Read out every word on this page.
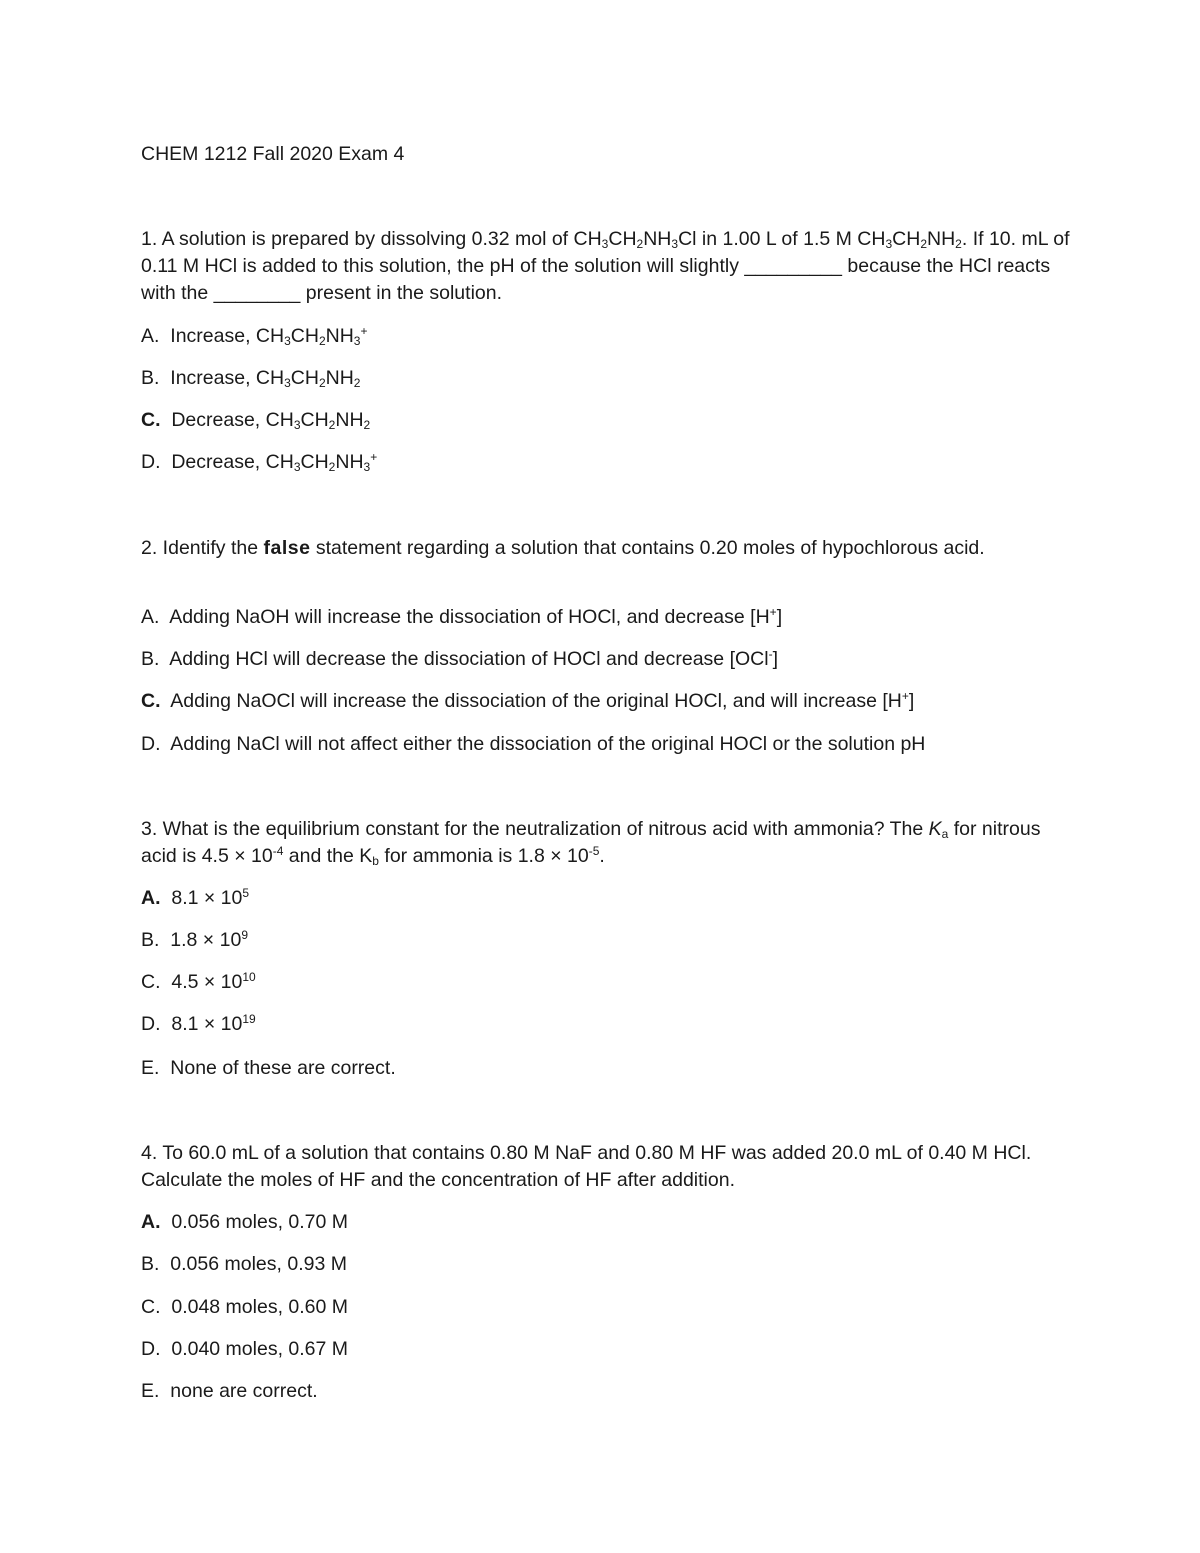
CHEM 1212 Fall 2020 Exam 4

1. A solution is prepared by dissolving 0.32 mol of $CH_3CH_2NH_3Cl$ in 1.00 L of 1.5 M $CH_3CH_2NH_2$. If 10. mL of 0.11 M HCl is added to this solution, the pH of the solution will slightly _________ because the HCl reacts with the ________ present in the solution.

A. Increase, $CH_3CH_2NH_3^+$

B. Increase, $CH_3CH_2NH_2$

C. Decrease, $CH_3CH_2NH_2$

D. Decrease, $CH_3CH_2NH_3^+$

2. Identify the false statement regarding a solution that contains 0.20 moles of hypochlorous acid.

A. Adding NaOH will increase the dissociation of HOCl, and decrease [H+]

B. Adding HCl will decrease the dissociation of HOCl and decrease [OCl-]

C. Adding NaOCl will increase the dissociation of the original HOCl, and will increase [H+]

D. Adding NaCl will not affect either the dissociation of the original HOCl or the solution pH

3. What is the equilibrium constant for the neutralization of nitrous acid with ammonia? The $K_a$ for nitrous acid is $4.5 \times 10^{-4}$ and the $K_b$ for ammonia is $1.8 \times 10^{-5}$.

A. $8.1 \times 10^5$

B. $1.8 \times 10^9$

C. $4.5 \times 10^{10}$

D. $8.1 \times 10^{19}$

E. None of these are correct.

4. To 60.0 mL of a solution that contains 0.80 M NaF and 0.80 M HF was added 20.0 mL of 0.40 M HCl. Calculate the moles of HF and the concentration of HF after addition.

A. 0.056 moles, 0.70 M

B. 0.056 moles, 0.93 M

C. 0.048 moles, 0.60 M

D. 0.040 moles, 0.67 M

E. none are correct.
